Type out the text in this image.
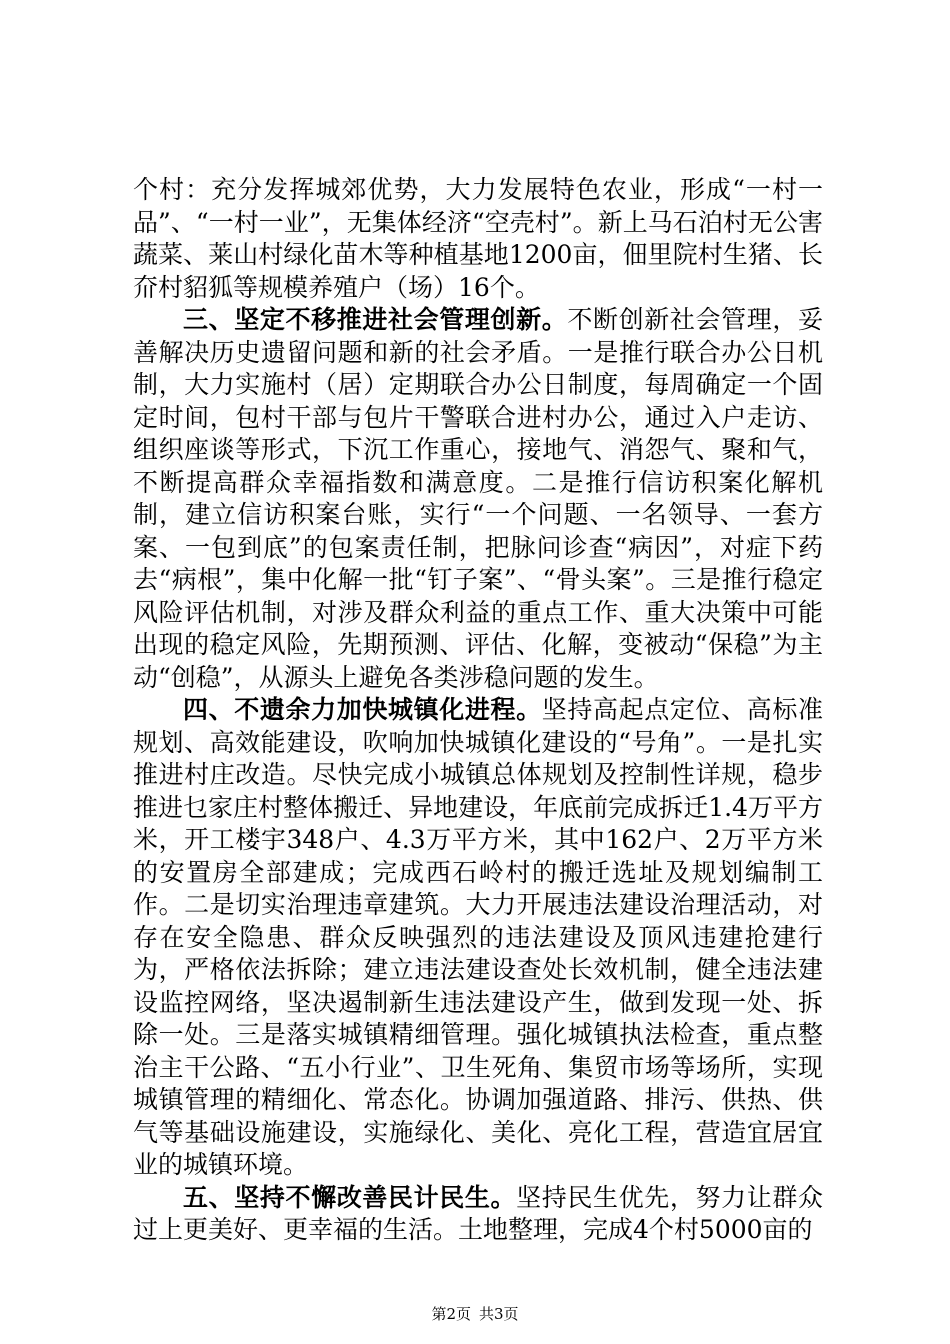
个村：充分发挥城郊优势，大力发展特色农业，形成“一村一品”、“一村一业”，无集体经济“空壳村”。新上马石泊村无公害蔬菜、莱山村绿化苗木等种植基地1200亩，佃里院村生猪、长夼村貂狐等规模养殖户（场）16个。

三、坚定不移推进社会管理创新。不断创新社会管理，妥善解决历史遗留问题和新的社会矛盾。一是推行联合办公日机制，大力实施村（居）定期联合办公日制度，每周确定一个固定时间，包村干部与包片干警联合进村办公，通过入户走访、组织座谈等形式，下沉工作重心，接地气、消怨气、聚和气，不断提高群众幸福指数和满意度。二是推行信访积案化解机制，建立信访积案台账，实行“一个问题、一名领导、一套方案、一包到底”的包案责任制，把脉问诊查“病因”，对症下药去“病根”，集中化解一批“钉子案”、“骨头案”。三是推行稳定风险评估机制，对涉及群众利益的重点工作、重大决策中可能出现的稳定风险，先期预测、评估、化解，变被动“保稳”为主动“创稳”，从源头上避免各类涉稳问题的发生。

四、不遗余力加快城镇化进程。坚持高起点定位、高标准规划、高效能建设，吹响加快城镇化建设的“号角”。一是扎实推进村庄改造。尽快完成小城镇总体规划及控制性详规，稳步推进乜家庄村整体搬迁、异地建设，年底前完成拆迁1.4万平方米，开工楼宇348户、4.3万平方米，其中162户、2万平方米的安置房全部建成；完成西石岭村的搬迁选址及规划编制工作。二是切实治理违章建筑。大力开展违法建设治理活动，对存在安全隐患、群众反映强烈的违法建设及顶风违建抢建行为，严格依法拆除；建立违法建设查处长效机制，健全违法建设监控网络，坚决遏制新生违法建设产生，做到发现一处、拆除一处。三是落实城镇精细管理。强化城镇执法检查，重点整治主干公路、“五小行业”、卫生死角、集贸市场等场所，实现城镇管理的精细化、常态化。协调加强道路、排污、供热、供气等基础设施建设，实施绿化、美化、亮化工程，营造宜居宜业的城镇环境。

五、坚持不懈改善民计民生。坚持民生优先，努力让群众过上更美好、更幸福的生活。土地整理，完成4个村5000亩的

第2页 共3页
